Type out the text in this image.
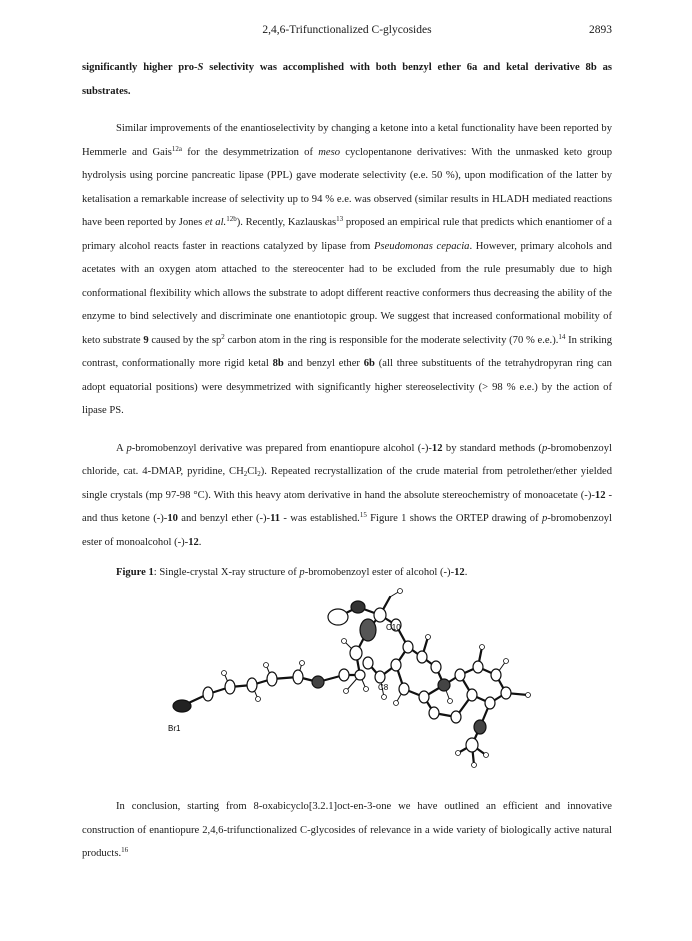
2,4,6-Trifunctionalized C-glycosides	2893

significantly higher pro-S selectivity was accomplished with both benzyl ether 6a and ketal derivative 8b as substrates.

Similar improvements of the enantioselectivity by changing a ketone into a ketal functionality have been reported by Hemmerle and Gais$^{12a}$ for the desymmetrization of meso cyclopentanone derivatives: With the unmasked keto group hydrolysis using porcine pancreatic lipase (PPL) gave moderate selectivity (e.e. 50 %), upon modification of the latter by ketalisation a remarkable increase of selectivity up to 94 % e.e. was observed (similar results in HLADH mediated reactions have been reported by Jones et al.$^{12b}$). Recently, Kazlauskas$^{13}$ proposed an empirical rule that predicts which enantiomer of a primary alcohol reacts faster in reactions catalyzed by lipase from Pseudomonas cepacia. However, primary alcohols and acetates with an oxygen atom attached to the stereocenter had to be excluded from the rule presumably due to high conformational flexibility which allows the substrate to adopt different reactive conformers thus decreasing the ability of the enzyme to bind selectively and discriminate one enantiotopic group. We suggest that increased conformational mobility of keto substrate 9 caused by the $sp^2$ carbon atom in the ring is responsible for the moderate selectivity (70 % e.e.).$^{14}$ In striking contrast, conformationally more rigid ketal 8b and benzyl ether 6b (all three substituents of the tetrahydropyran ring can adopt equatorial positions) were desymmetrized with significantly higher stereoselectivity (> 98 % e.e.) by the action of lipase PS.

A p-bromobenzoyl derivative was prepared from enantiopure alcohol (-)-12 by standard methods (p-bromobenzoyl chloride, cat. 4-DMAP, pyridine, $CH_2Cl_2$). Repeated recrystallization of the crude material from petrolether/ether yielded single crystals (mp 97-98 °C). With this heavy atom derivative in hand the absolute stereochemistry of monoacetate (-)-12 - and thus ketone (-)-10 and benzyl ether (-)-11 - was established.$^{15}$ Figure 1 shows the ORTEP drawing of p-bromobenzoyl ester of monoalcohol (-)-12.

Figure 1: Single-crystal X-ray structure of p-bromobenzoyl ester of alcohol (-)-12.
C10
C8
Br1

In conclusion, starting from 8-oxabicyclo[3.2.1]oct-en-3-one we have outlined an efficient and innovative construction of enantiopure 2,4,6-trifunctionalized C-glycosides of relevance in a wide variety of biologically active natural products.$^{16}$
